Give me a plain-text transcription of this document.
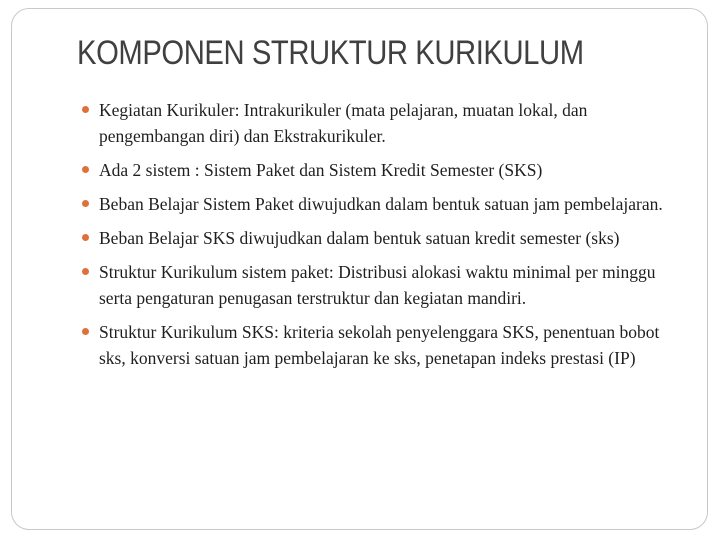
KOMPONEN STRUKTUR KURIKULUM
Kegiatan Kurikuler: Intrakurikuler (mata pelajaran, muatan lokal, dan pengembangan diri) dan Ekstrakurikuler.
Ada 2 sistem : Sistem Paket dan Sistem Kredit Semester (SKS)
Beban Belajar Sistem Paket diwujudkan dalam bentuk satuan jam pembelajaran.
Beban Belajar SKS diwujudkan dalam bentuk satuan kredit semester (sks)
Struktur Kurikulum sistem paket: Distribusi alokasi waktu minimal per minggu serta pengaturan penugasan terstruktur dan kegiatan mandiri.
Struktur Kurikulum SKS: kriteria sekolah penyelenggara SKS, penentuan bobot sks, konversi satuan jam pembelajaran ke sks, penetapan indeks prestasi (IP)
